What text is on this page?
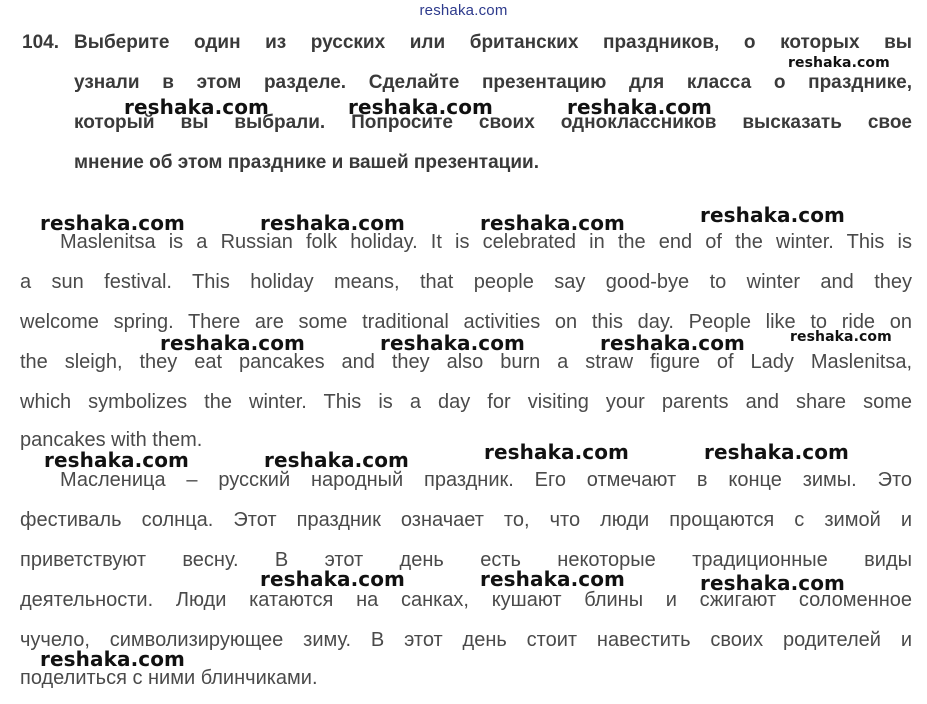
reshaka.com
104. Выберите один из русских или британских праздников, о которых вы
узнали в этом разделе. Сделайте презентацию для класса о празднике,
который вы выбрали. Попросите своих одноклассников высказать свое
мнение об этом празднике и вашей презентации.
Maslenitsa is a Russian folk holiday. It is celebrated in the end of the winter. This is
a sun festival. This holiday means, that people say good-bye to winter and they
welcome spring. There are some traditional activities on this day. People like to ride on
the sleigh, they eat pancakes and they also burn a straw figure of Lady Maslenitsa,
which symbolizes the winter. This is a day for visiting your parents and share some
pancakes with them.
Масленица – русский народный праздник. Его отмечают в конце зимы. Это
фестиваль солнца. Этот праздник означает то, что люди прощаются с зимой и
приветствуют весну. В этот день есть некоторые традиционные виды
деятельности. Люди катаются на санках, кушают блины и сжигают соломенное
чучело, символизирующее зиму. В этот день стоит навестить своих родителей и
поделиться с ними блинчиками.
reshaka.com
reshaka.com	reshaka.com	reshaka.com
reshaka.com	reshaka.com	reshaka.com	reshaka.com
reshaka.com
reshaka.com	reshaka.com	reshaka.com
reshaka.com	reshaka.com
reshaka.com	reshaka.com
reshaka.com	reshaka.com	reshaka.com
reshaka.com
